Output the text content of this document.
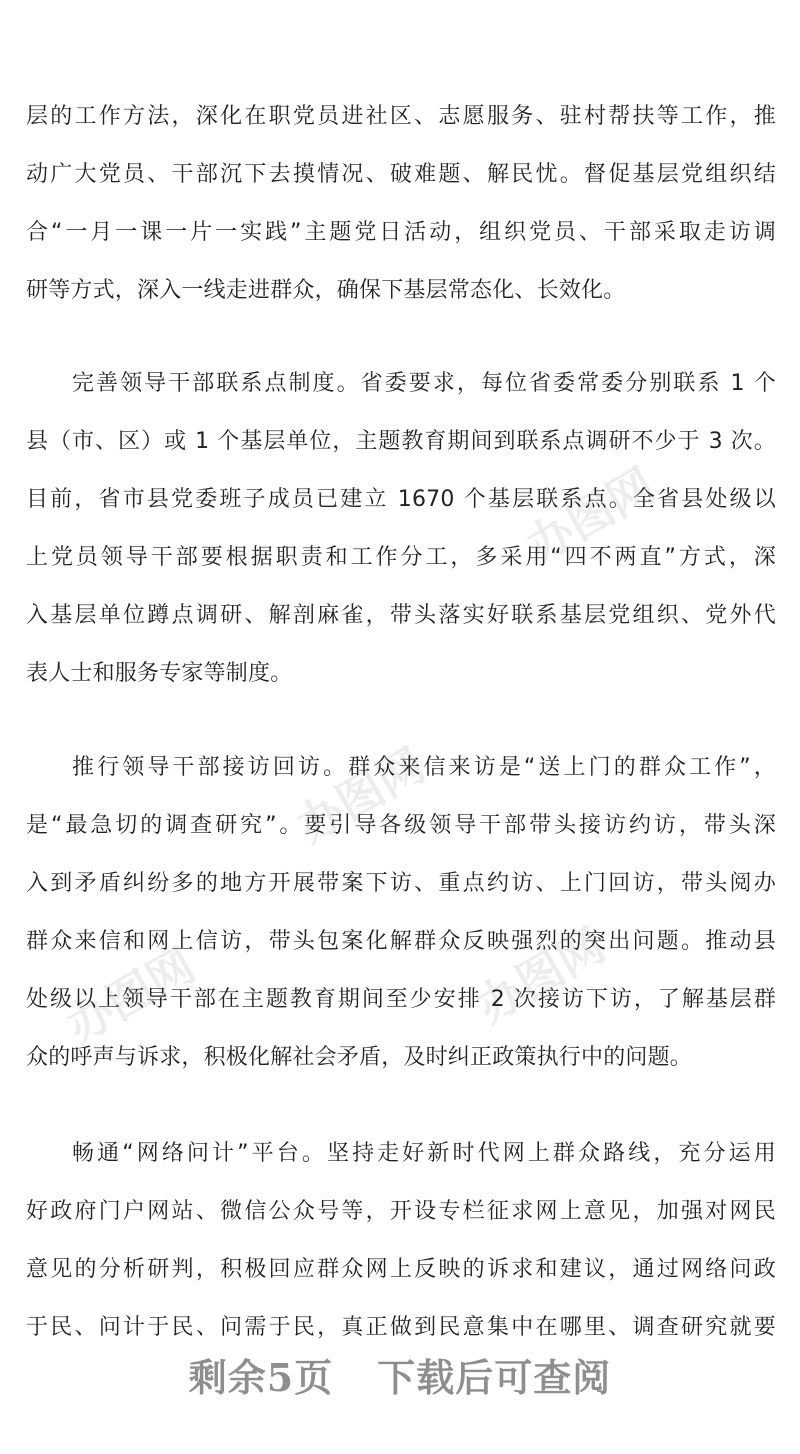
办图网
办图网
办图网	办图网
层的工作方法，深化在职党员进社区、志愿服务、驻村帮扶等工作，推
动广大党员、干部沉下去摸情况、破难题、解民忧。督促基层党组织结
合“一月一课一片一实践”主题党日活动，组织党员、干部采取走访调
研等方式，深入一线走进群众，确保下基层常态化、长效化。
完善领导干部联系点制度。省委要求，每位省委常委分别联系 1 个
县（市、区）或 1 个基层单位，主题教育期间到联系点调研不少于 3 次。
目前，省市县党委班子成员已建立 1670 个基层联系点。全省县处级以
上党员领导干部要根据职责和工作分工，多采用“四不两直”方式，深
入基层单位蹲点调研、解剖麻雀，带头落实好联系基层党组织、党外代
表人士和服务专家等制度。
推行领导干部接访回访。群众来信来访是“送上门的群众工作”，
是“最急切的调查研究”。要引导各级领导干部带头接访约访，带头深
入到矛盾纠纷多的地方开展带案下访、重点约访、上门回访，带头阅办
群众来信和网上信访，带头包案化解群众反映强烈的突出问题。推动县
处级以上领导干部在主题教育期间至少安排 2 次接访下访，了解基层群
众的呼声与诉求，积极化解社会矛盾，及时纠正政策执行中的问题。
畅通“网络问计”平台。坚持走好新时代网上群众路线，充分运用
好政府门户网站、微信公众号等，开设专栏征求网上意见，加强对网民
意见的分析研判，积极回应群众网上反映的诉求和建议，通过网络问政
于民、问计于民、问需于民，真正做到民意集中在哪里、调查研究就要
剩余5页 下载后可查阅
